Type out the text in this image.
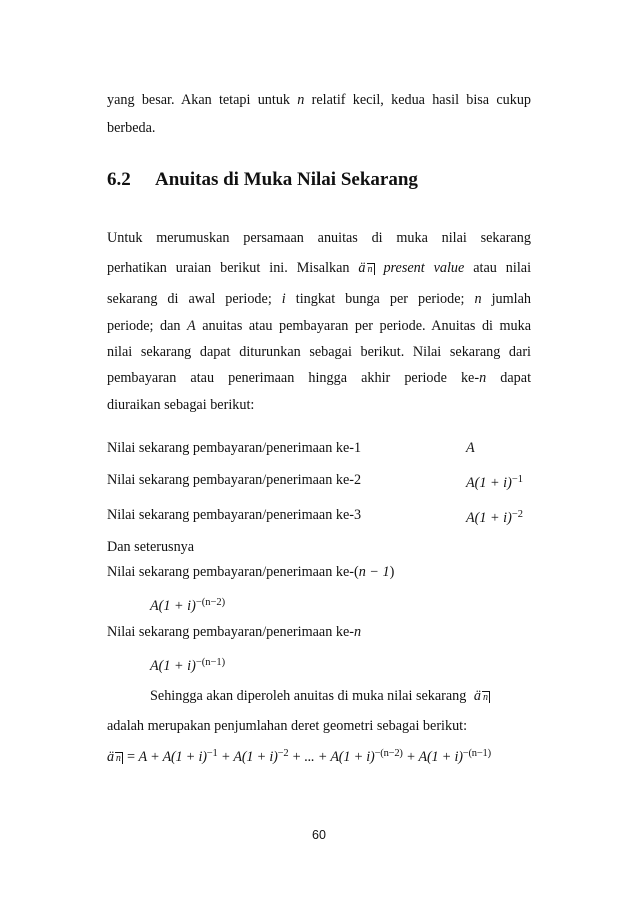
yang besar. Akan tetapi untuk n relatif kecil, kedua hasil bisa cukup
berbeda.
6.2 Anuitas di Muka Nilai Sekarang
Untuk merumuskan persamaan anuitas di muka nilai sekarang
perhatikan uraian berikut ini. Misalkan ä n present value atau nilai
sekarang di awal periode; i tingkat bunga per periode; n jumlah
periode; dan A anuitas atau pembayaran per periode. Anuitas di muka
nilai sekarang dapat diturunkan sebagai berikut. Nilai sekarang dari
pembayaran atau penerimaan hingga akhir periode ke-n dapat
diuraikan sebagai berikut:
Nilai sekarang pembayaran/penerimaan ke-1	A
Nilai sekarang pembayaran/penerimaan ke-2	$A(1 + i)^{-1}$
Nilai sekarang pembayaran/penerimaan ke-3	$A(1 + i)^{-2}$
Dan seterusnya
Nilai sekarang pembayaran/penerimaan ke-(n − 1)
$A(1 + i)^{-(n-2)}$
Nilai sekarang pembayaran/penerimaan ke-n
$A(1 + i)^{-(n-1)}$
Sehingga akan diperoleh anuitas di muka nilai sekarang ä n
adalah merupakan penjumlahan deret geometri sebagai berikut:
ä $n = A + A(1 + i)^{-1} + A(1 + i)^{-2}$ + ... + $A(1 + i)^{-(n-2)} + A(1 + i)^{-(n-1)}$
60
